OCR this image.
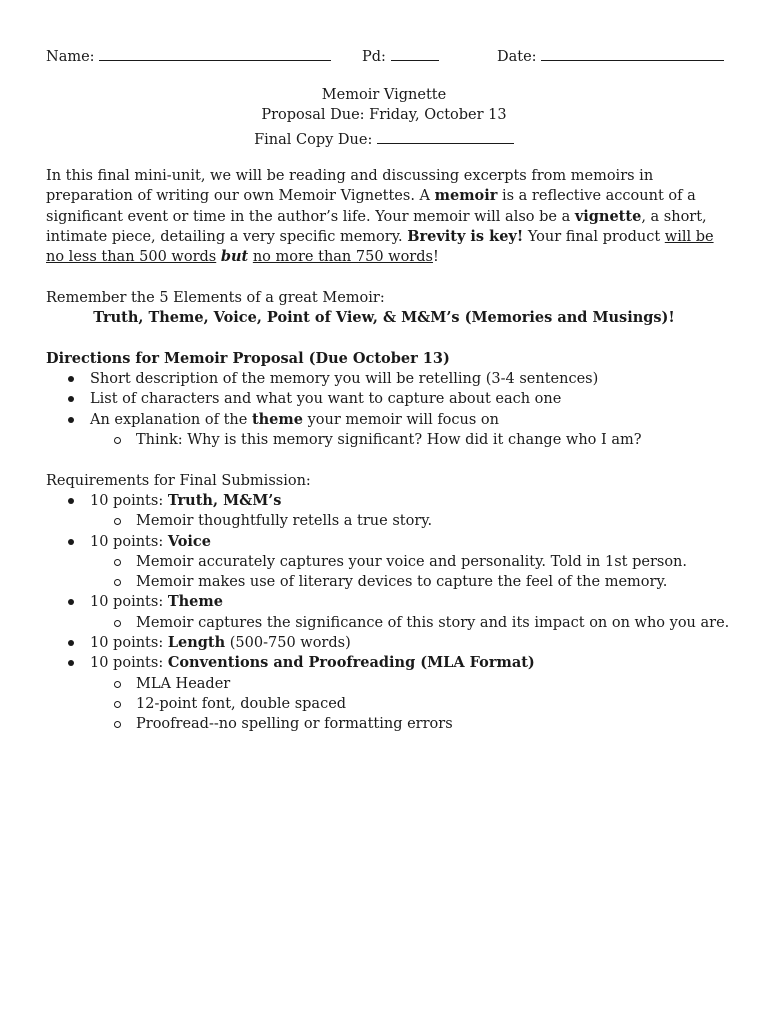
Name:	Pd:	Date:
Memoir Vignette
Proposal Due: Friday, October 13
Final Copy Due:
In this final mini-unit, we will be reading and discussing excerpts from memoirs in preparation of writing our own Memoir Vignettes. A memoir is a reflective account of a significant event or time in the author’s life. Your memoir will also be a vignette, a short, intimate piece, detailing a very specific memory. Brevity is key! Your final product will be no less than 500 words but no more than 750 words!
Remember the 5 Elements of a great Memoir:
Truth, Theme, Voice, Point of View, & M&M’s (Memories and Musings)!
Directions for Memoir Proposal (Due October 13)
Short description of the memory you will be retelling (3-4 sentences)
List of characters and what you want to capture about each one
An explanation of the theme your memoir will focus on
Think: Why is this memory significant? How did it change who I am?
Requirements for Final Submission:
10 points: Truth, M&M’s
Memoir thoughtfully retells a true story.
10 points: Voice
Memoir accurately captures your voice and personality. Told in 1st person.
Memoir makes use of literary devices to capture the feel of the memory.
10 points: Theme
Memoir captures the significance of this story and its impact on on who you are.
10 points: Length (500-750 words)
10 points: Conventions and Proofreading (MLA Format)
MLA Header
12-point font, double spaced
Proofread--no spelling or formatting errors
